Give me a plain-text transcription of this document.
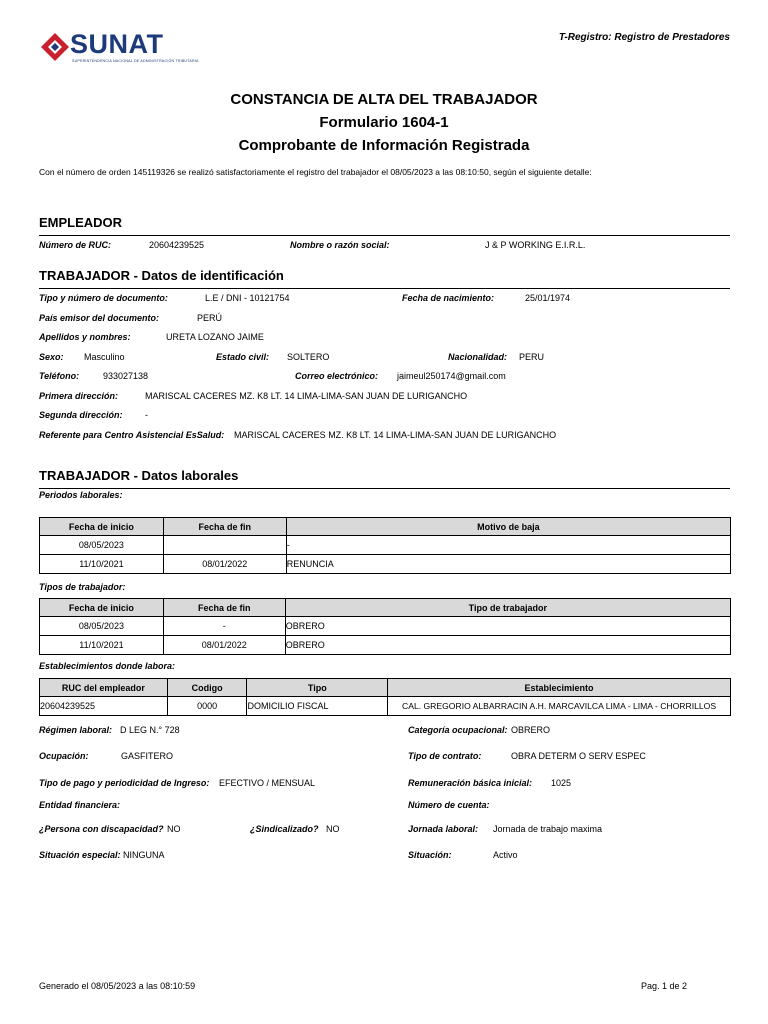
SUNAT
SUPERINTENDENCIA NACIONAL DE ADMINISTRACIÓN TRIBUTARIA
T-Registro: Registro de Prestadores
CONSTANCIA DE ALTA DEL TRABAJADOR
Formulario 1604-1
Comprobante de Información Registrada
Con el número de orden 145119326 se realizó satisfactoriamente el registro del trabajador el 08/05/2023 a las 08:10:50, según el siguiente detalle:
EMPLEADOR
Número de RUC:	20604239525	Nombre o razón social:	J & P WORKING E.I.R.L.
TRABAJADOR - Datos de identificación
Tipo y número de documento:	L.E / DNI - 10121754	Fecha de nacimiento:	25/01/1974
País emisor del documento:	PERÚ
Apellidos y nombres:	URETA LOZANO JAIME
Sexo: Masculino	Estado civil: SOLTERO	Nacionalidad: PERU
Teléfono:	933027138	Correo electrónico: jaimeul250174@gmail.com
Primera dirección:	MARISCAL CACERES MZ. K8 LT. 14 LIMA-LIMA-SAN JUAN DE LURIGANCHO
Segunda dirección: -
Referente para Centro Asistencial EsSalud: MARISCAL CACERES MZ. K8 LT. 14 LIMA-LIMA-SAN JUAN DE LURIGANCHO
TRABAJADOR - Datos laborales
Periodos laborales:
Fecha de inicio	Fecha de fin	Motivo de baja
08/05/2023		-
11/10/2021	08/01/2022	RENUNCIA
Tipos de trabajador:
Fecha de inicio	Fecha de fin	Tipo de trabajador
08/05/2023	-	OBRERO
11/10/2021	08/01/2022	OBRERO
Establecimientos donde labora:
RUC del empleador	Codigo	Tipo	Establecimiento
20604239525	0000	DOMICILIO FISCAL	CAL. GREGORIO ALBARRACIN A.H. MARCAVILCA LIMA - LIMA - CHORRILLOS
Régimen laboral: D LEG N.° 728	Categoría ocupacional: OBRERO
Ocupación:	GASFITERO	Tipo de contrato:	OBRA DETERM O SERV ESPEC
Tipo de pago y periodicidad de Ingreso: EFECTIVO / MENSUAL	Remuneración básica inicial: 1025
Entidad financiera:	Número de cuenta:
¿Persona con discapacidad? NO	¿Sindicalizado? NO	Jornada laboral: Jornada de trabajo maxima
Situación especial: NINGUNA	Situación:	Activo
Generado el 08/05/2023 a las 08:10:59	Pag. 1 de 2
